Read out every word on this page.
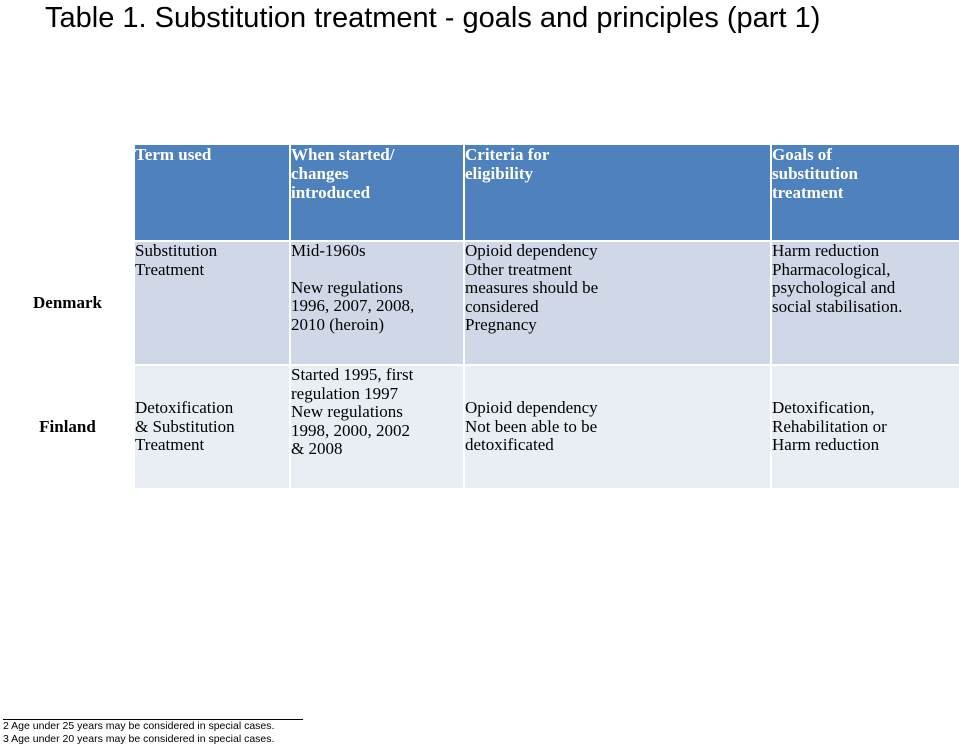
Table 1. Substitution treatment - goals and principles (part 1)

	Term used	When started/
changes
introduced	Criteria for
eligibility	Goals of
substitution
treatment

Denmark	Substitution
Treatment	Mid-1960s
New regulations
1996, 2007, 2008,
2010 (heroin)	Opioid dependency
Other treatment
measures should be
considered
Pregnancy	Harm reduction
Pharmacological,
psychological and
social stabilisation.

Finland	Detoxification
& Substitution
Treatment	Started 1995, first
regulation 1997
New regulations
1998, 2000, 2002
& 2008	Opioid dependency
Not been able to be
detoxificated	Detoxification,
Rehabilitation or
Harm reduction
2 Age under 25 years may be considered in special cases.
3 Age under 20 years may be considered in special cases.
